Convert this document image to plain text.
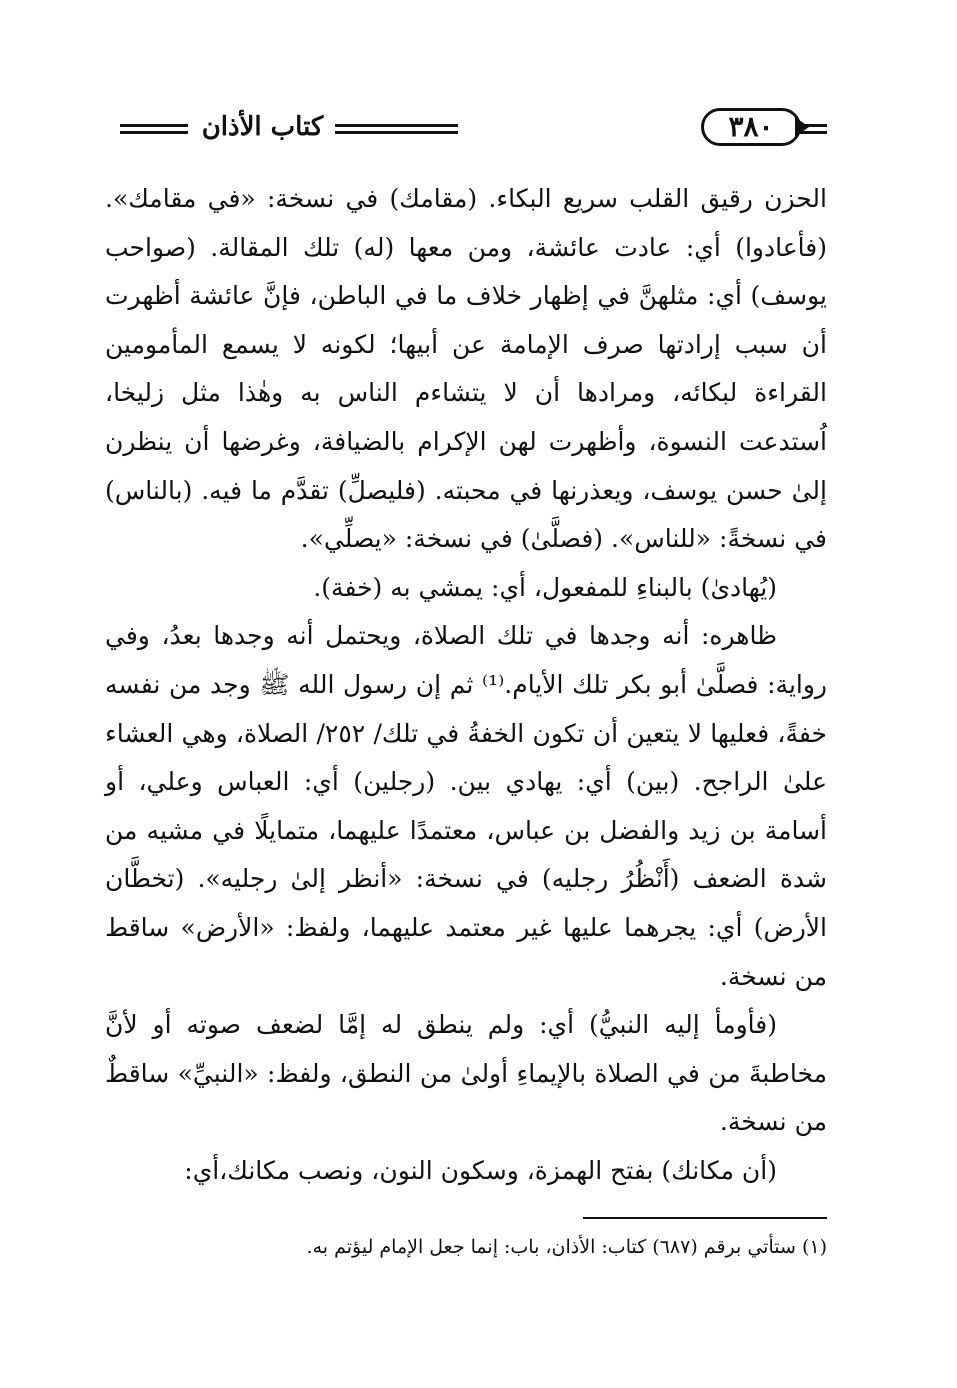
كتاب الأذان	٣٨٠

الحزن رقيق القلب سريع البكاء. (مقامك) في نسخة: «في مقامك». (فأعادوا) أي: عادت عائشة، ومن معها (له) تلك المقالة. (صواحب يوسف) أي: مثلهنَّ في إظهار خلاف ما في الباطن، فإنَّ عائشة أظهرت أن سبب إرادتها صرف الإمامة عن أبيها؛ لكونه لا يسمع المأمومين القراءة لبكائه، ومرادها أن لا يتشاءم الناس به وهٰذا مثل زليخا، اُستدعت النسوة، وأظهرت لهن الإكرام بالضيافة، وغرضها أن ينظرن إلىٰ حسن يوسف، ويعذرنها في محبته. (فليصلِّ) تقدَّم ما فيه. (بالناس) في نسخةً: «للناس». (فصلَّىٰ) في نسخة: «يصلِّي».

(يُهادىٰ) بالبناءِ للمفعول، أي: يمشي به (خفة).

ظاهره: أنه وجدها في تلك الصلاة، ويحتمل أنه وجدها بعدُ، وفي رواية: فصلَّىٰ أبو بكر تلك الأيام.⁽¹⁾ ثم إن رسول الله ﷺ وجد من نفسه خفةً، فعليها لا يتعين أن تكون الخفةُ في تلك/ ٢٥٢/ الصلاة، وهي العشاء علىٰ الراجح. (بين) أي: يهادي بين. (رجلين) أي: العباس وعلي، أو أسامة بن زيد والفضل بن عباس، معتمدًا عليهما، متمايلًا في مشيه من شدة الضعف (أَنْظُرُ رجليه) في نسخة: «أنظر إلىٰ رجليه». (تخطَّان الأرض) أي: يجرهما عليها غير معتمد عليهما، ولفظ: «الأرض» ساقط من نسخة.

(فأومأ إليه النبيُّ) أي: ولم ينطق له إمَّا لضعف صوته أو لأنَّ مخاطبةَ من في الصلاة بالإيماءِ أولىٰ من النطق، ولفظ: «النبيِّ» ساقطٌ من نسخة.

(أن مكانك) بفتح الهمزة، وسكون النون، ونصب مكانك،أي:

(١) ستأتي برقم (٦٨٧) كتاب: الأذان، باب: إنما جعل الإمام ليؤتم به.
